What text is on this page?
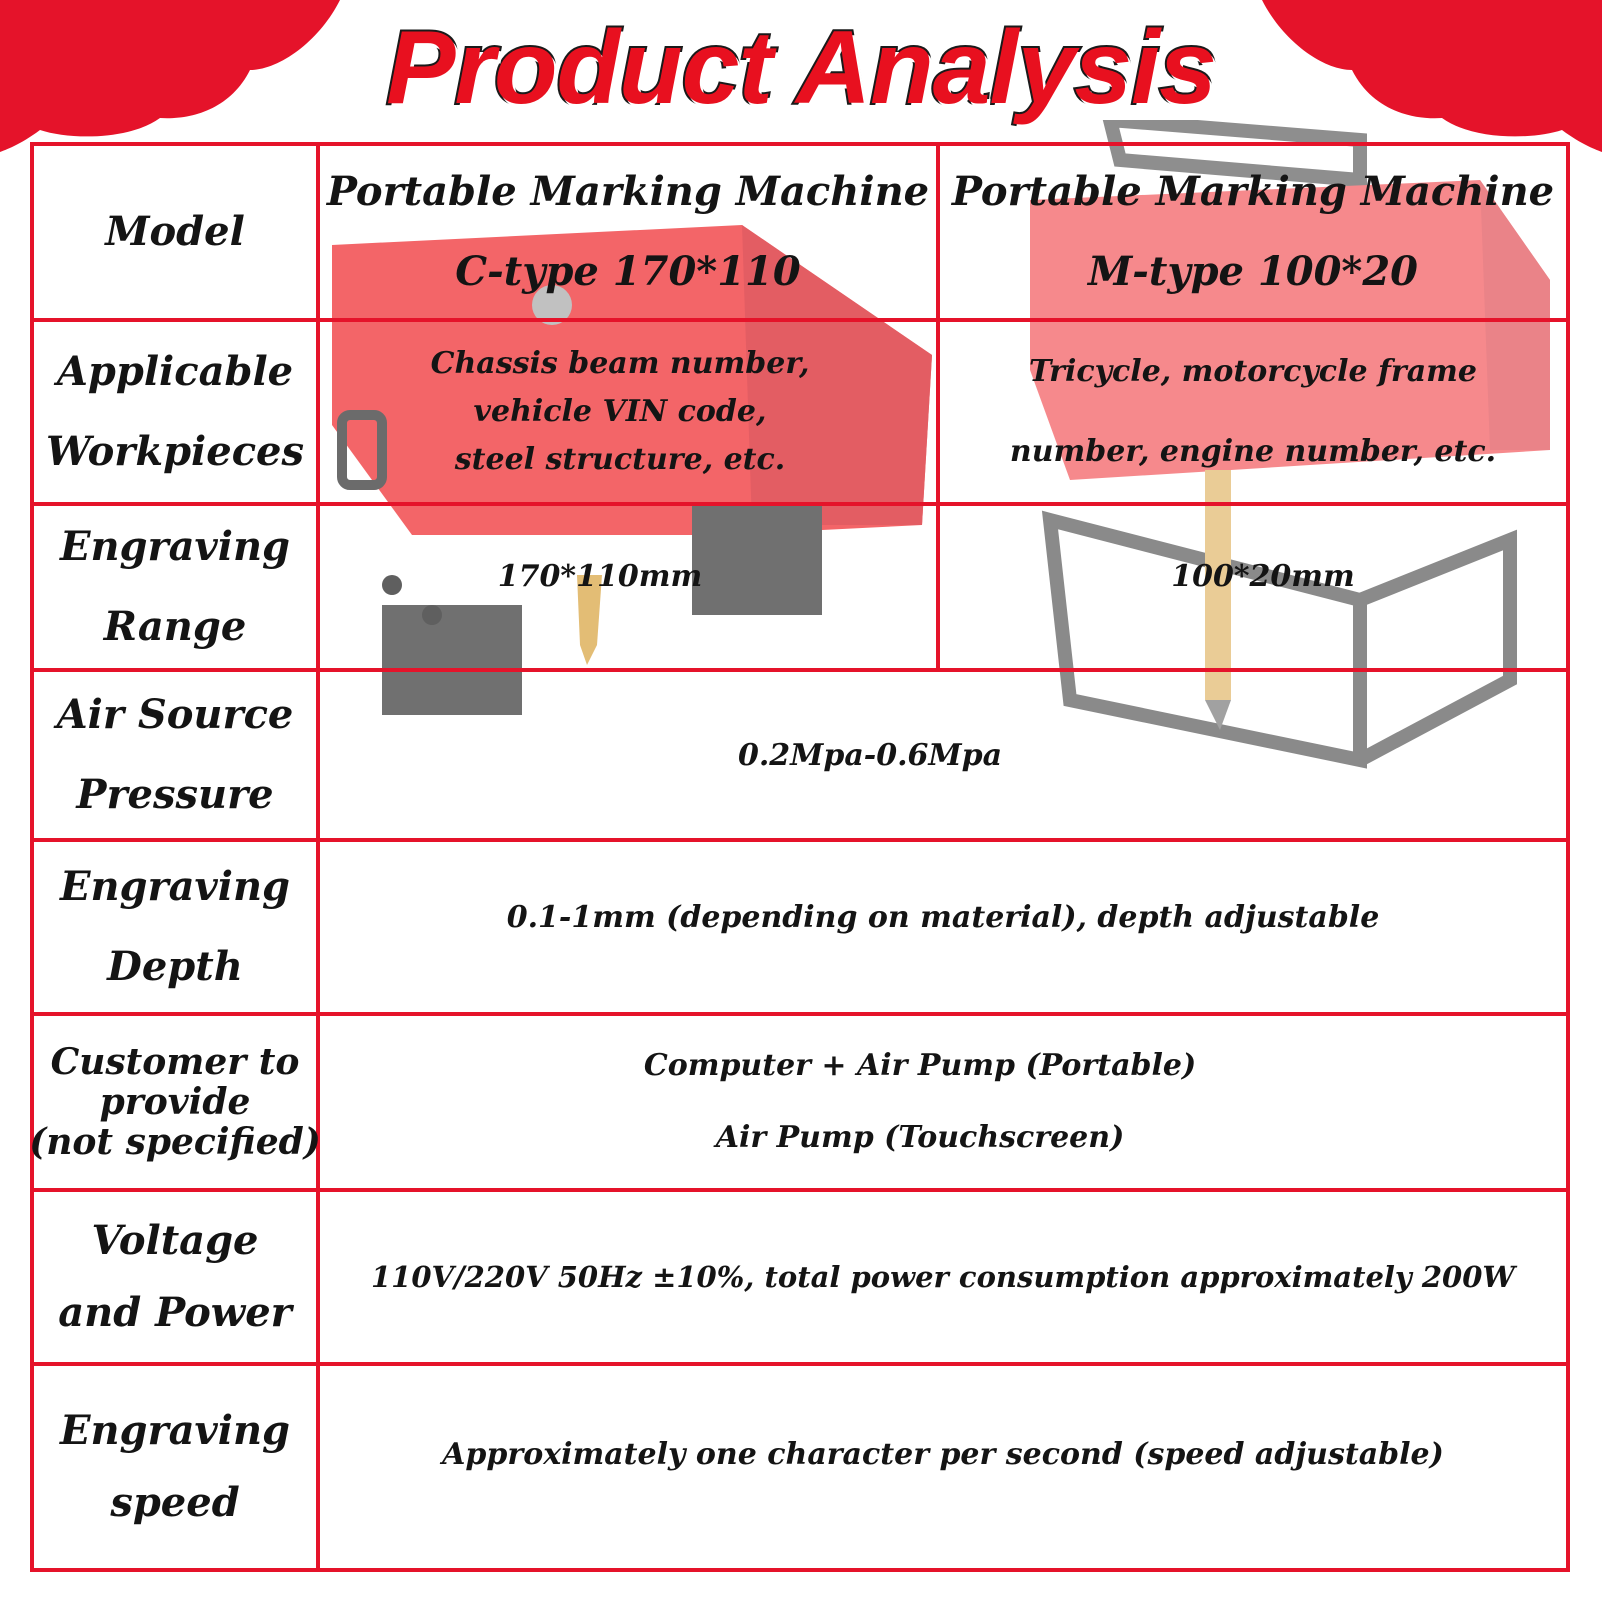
Product Analysis
Model
Portable Marking Machine
C-type 170*110
Portable Marking Machine
M-type 100*20
Applicable
Workpieces
Chassis beam number,
vehicle VIN code,
steel structure, etc.
Tricycle, motorcycle frame
number, engine number, etc.
Engraving
Range
170*110mm	100*20mm
Air Source
Pressure
0.2Mpa-0.6Mpa
Engraving
Depth
0.1-1mm (depending on material), depth adjustable
Customer to
provide
(not specified)
Computer + Air Pump (Portable)
Air Pump (Touchscreen)
Voltage
and Power
110V/220V 50Hz ±10%, total power consumption approximately 200W
Engraving
speed
Approximately one character per second (speed adjustable)
